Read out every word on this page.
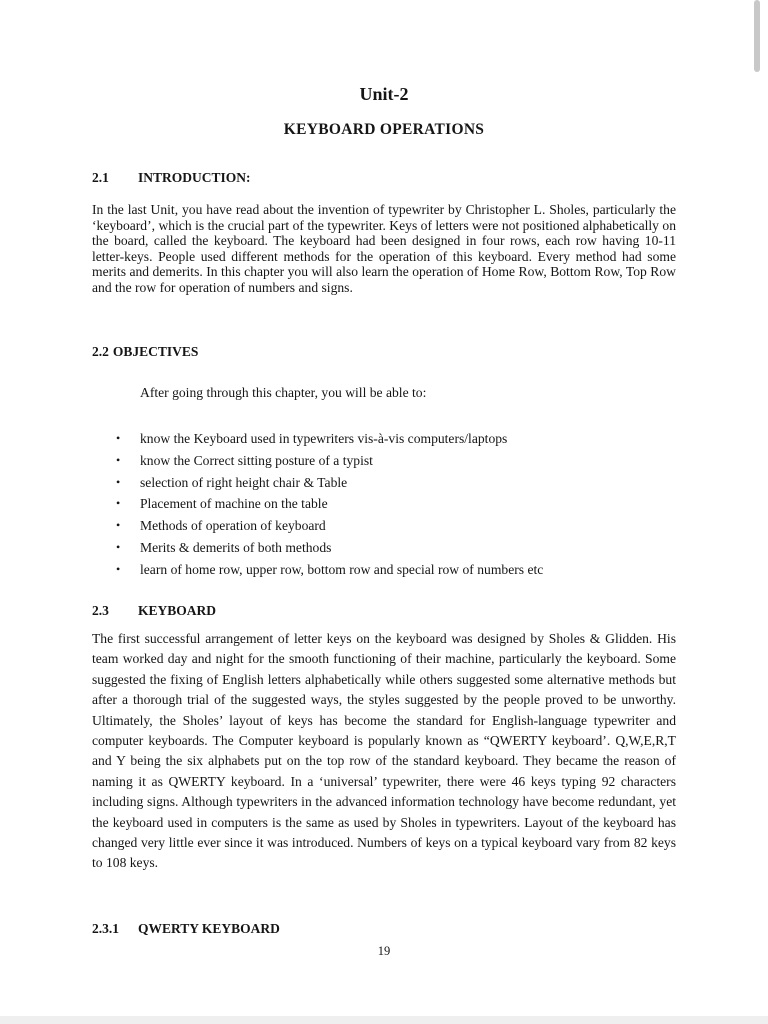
Unit-2
KEYBOARD OPERATIONS
2.1 INTRODUCTION:
In the last Unit, you have read about the invention of typewriter by Christopher L. Sholes, particularly the ‘keyboard’, which is the crucial part of the typewriter. Keys of letters were not positioned alphabetically on the board, called the keyboard. The keyboard had been designed in four rows, each row having 10-11 letter-keys. People used different methods for the operation of this keyboard. Every method had some merits and demerits. In this chapter you will also learn the operation of Home Row, Bottom Row, Top Row and the row for operation of numbers and signs.
2.2 OBJECTIVES
After going through this chapter, you will be able to:
• know the Keyboard used in typewriters vis-à-vis computers/laptops
• know the Correct sitting posture of a typist
• selection of right height chair & Table
• Placement of machine on the table
• Methods of operation of keyboard
• Merits & demerits of both methods
• learn of home row, upper row, bottom row and special row of numbers etc
2.3 KEYBOARD
The first successful arrangement of letter keys on the keyboard was designed by Sholes & Glidden. His team worked day and night for the smooth functioning of their machine, particularly the keyboard. Some suggested the fixing of English letters alphabetically while others suggested some alternative methods but after a thorough trial of the suggested ways, the styles suggested by the people proved to be unworthy. Ultimately, the Sholes’ layout of keys has become the standard for English-language typewriter and computer keyboards. The Computer keyboard is popularly known as “QWERTY keyboard’. Q,W,E,R,T and Y being the six alphabets put on the top row of the standard keyboard. They became the reason of naming it as QWERTY keyboard. In a ‘universal’ typewriter, there were 46 keys typing 92 characters including signs. Although typewriters in the advanced information technology have become redundant, yet the keyboard used in computers is the same as used by Sholes in typewriters. Layout of the keyboard has changed very little ever since it was introduced. Numbers of keys on a typical keyboard vary from 82 keys to 108 keys.
2.3.1 QWERTY KEYBOARD
19
